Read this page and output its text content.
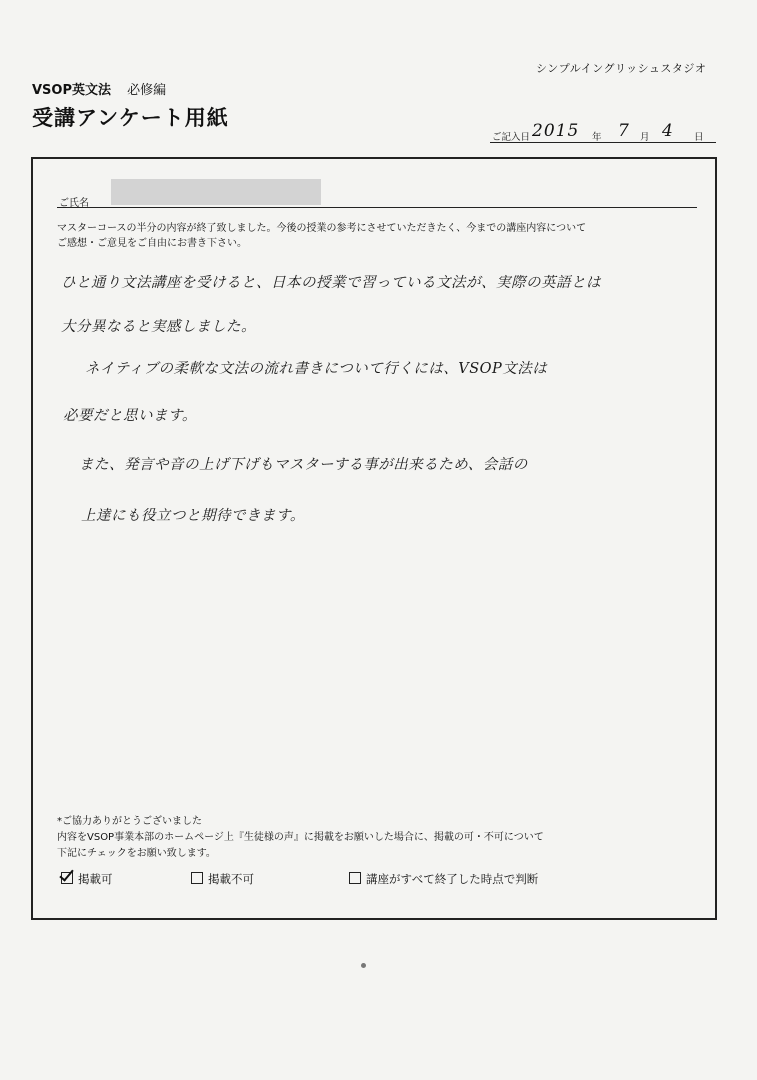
シンプルイングリッシュスタジオ
VSOP英文法 必修編
受講アンケート用紙
ご記入日 2015 年 7 月 4 日
ご氏名

マスターコースの半分の内容が終了致しました。今後の授業の参考にさせていただきたく、今までの講座内容について

ご感想・ご意見をご自由にお書き下さい。

ひと通り文法講座を受けると、日本の授業で習っている文法が、実際の英語とは
大分異なると実感しました。
ネイティブの柔軟な文法の流れ書きについて行くには、VSOP文法は
必要だと思います。
また、発言や音の上げ下げもマスターする事が出来るため、会話の
上達にも役立つと期待できます。
*ご協力ありがとうございました
内容をVSOP事業本部のホームページ上『生徒様の声』に掲載をお願いした場合に、掲載の可・不可について
下記にチェックをお願い致します。
掲載可	掲載不可	講座がすべて終了した時点で判断
